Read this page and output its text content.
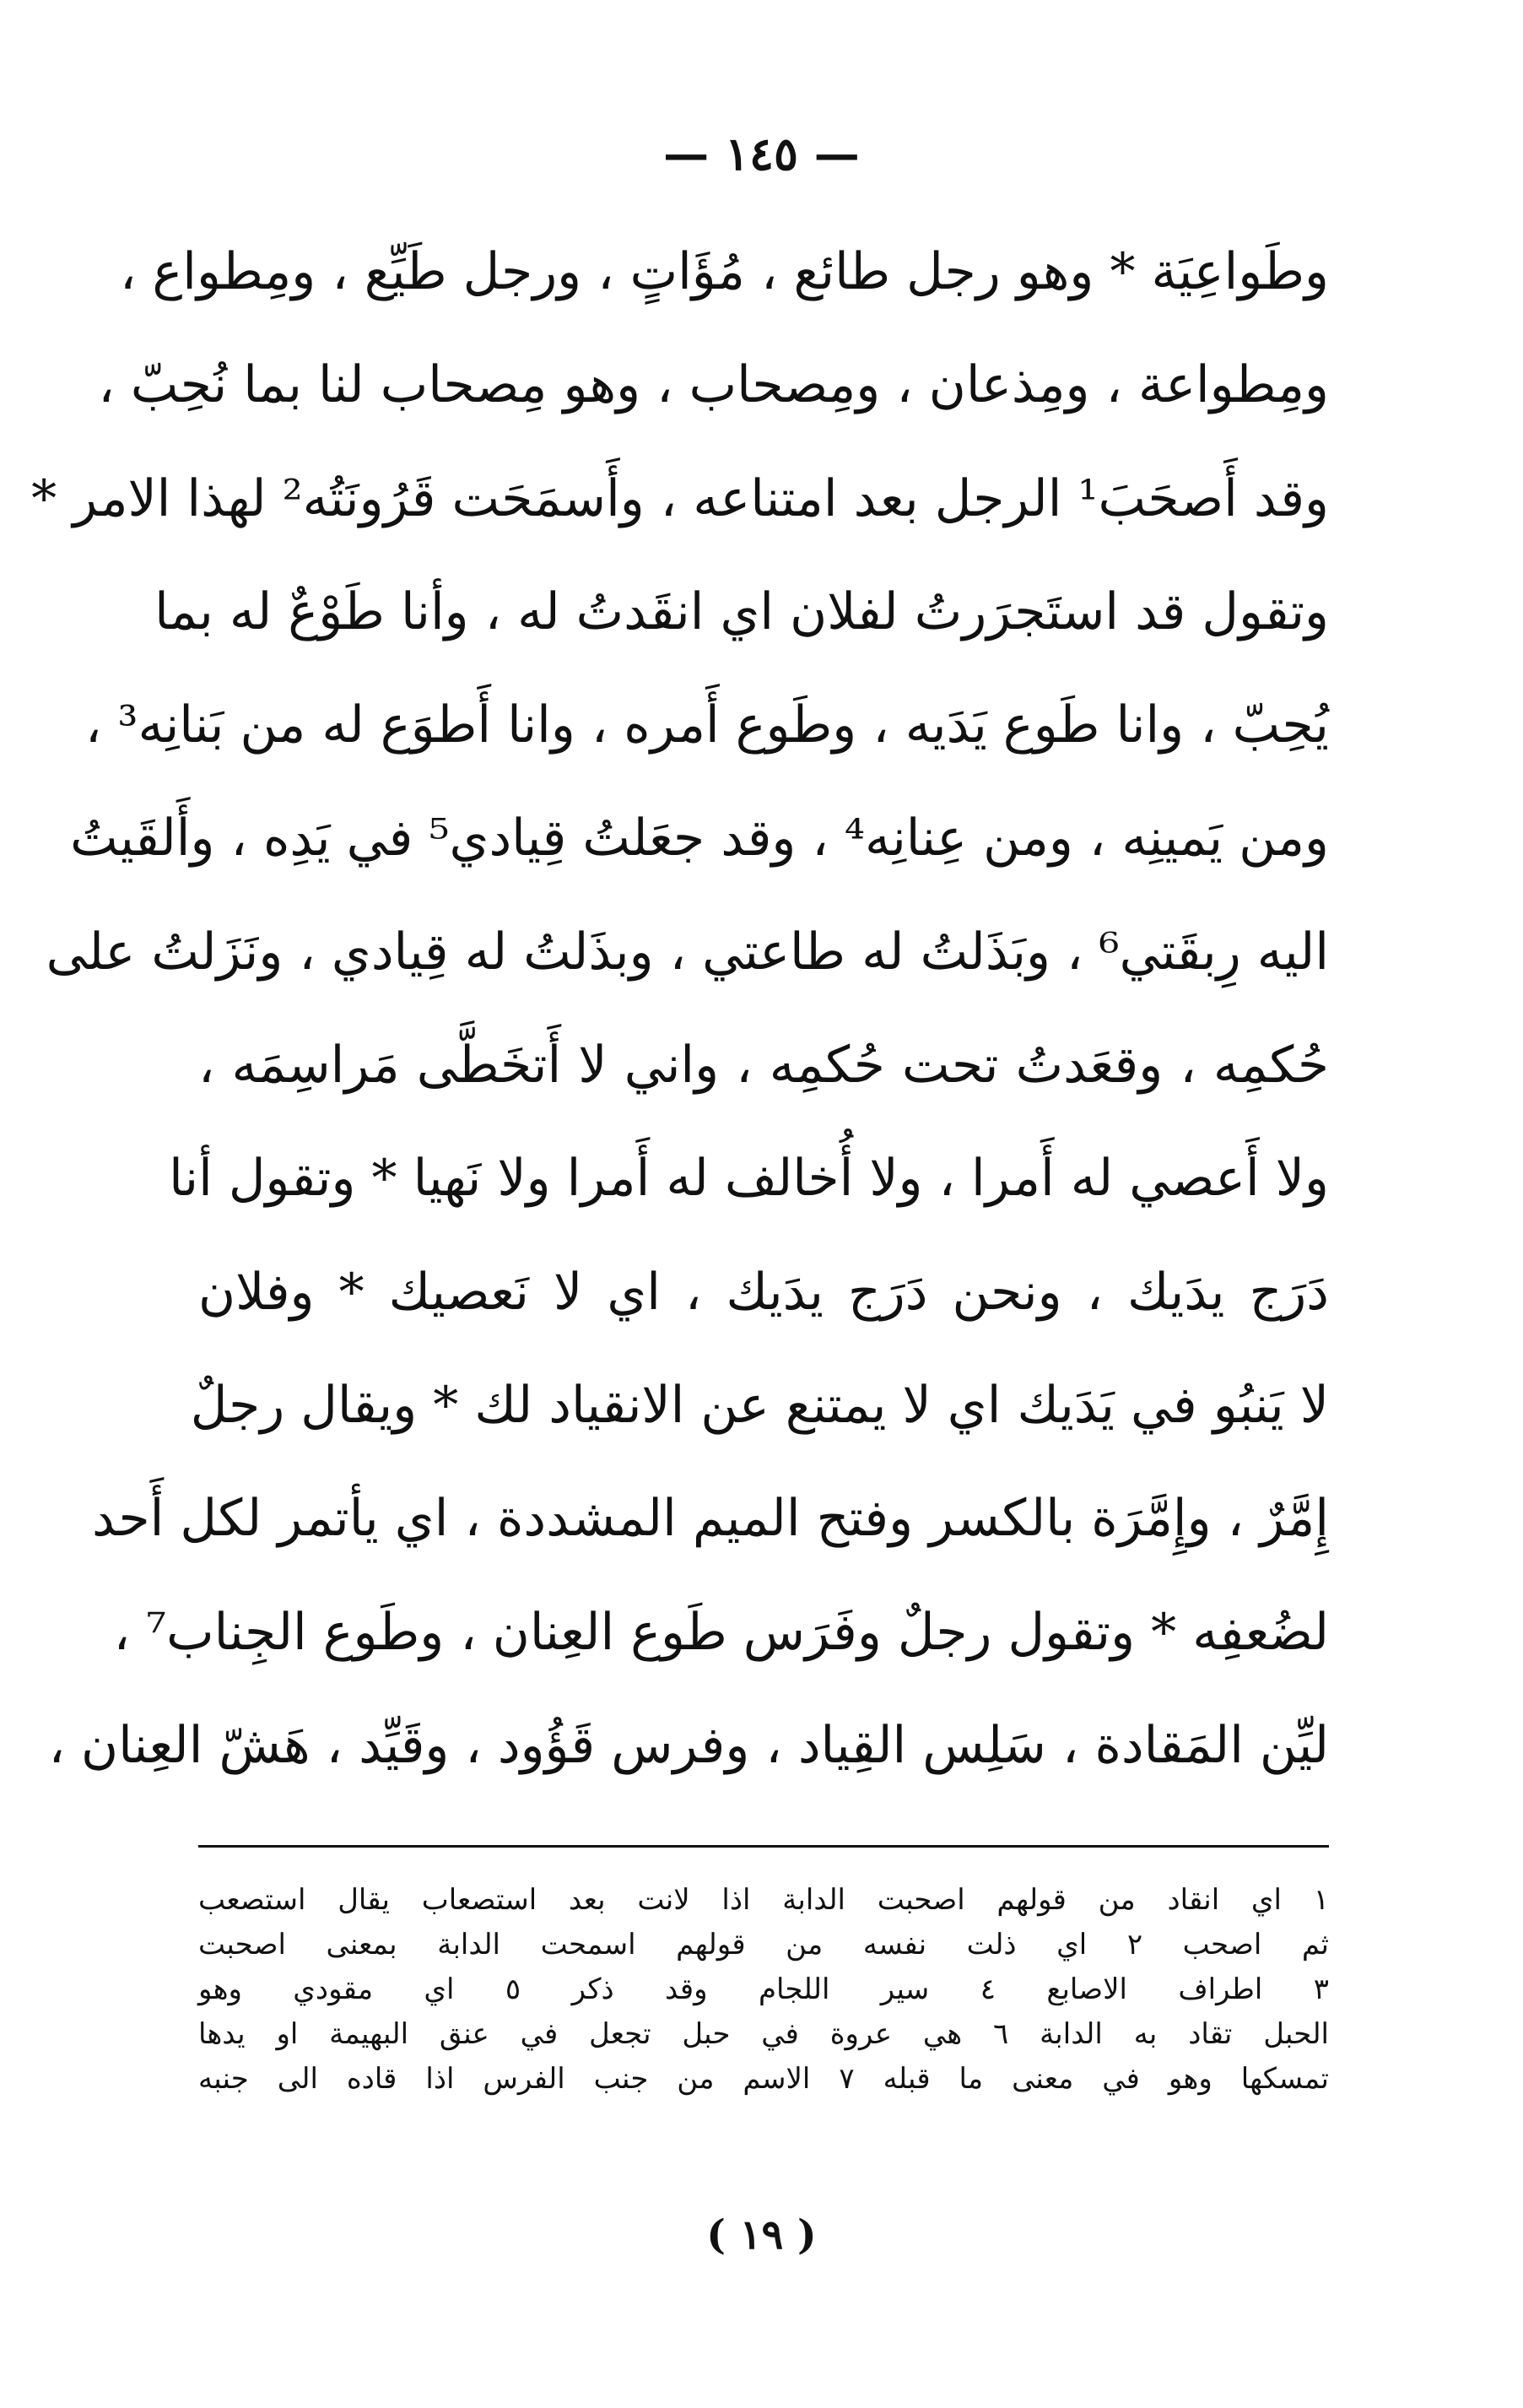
— ١٤٥ —
وطَواعِيَة * وهو رجل طائع ، مُؤَاتٍ ، ورجل طَيِّع ، ومِطواع ،
ومِطواعة ، ومِذعان ، ومِصحاب ، وهو مِصحاب لنا بما نُحِبّ ،
وقد أَصحَبَ¹ الرجل بعد امتناعه ، وأَسمَحَت قَرُونَتُه² لهذا الامر *
وتقول قد استَجرَرتُ لفلان اي انقَدتُ له ، وأنا طَوْعٌ له بما
يُحِبّ ، وانا طَوع يَدَيه ، وطَوع أَمره ، وانا أَطوَع له من بَنانِه³ ،
ومن يَمينِه ، ومن عِنانِه⁴ ، وقد جعَلتُ قِيادي⁵ في يَدِه ، وأَلقَيتُ
اليه رِبقَتي⁶ ، وبَذَلتُ له طاعتي ، وبذَلتُ له قِيادي ، ونَزَلتُ على
حُكمِه ، وقعَدتُ تحت حُكمِه ، واني لا أَتخَطَّى مَراسِمَه ،
ولا أَعصي له أَمرا ، ولا أُخالف له أَمرا ولا نَهيا * وتقول أنا
دَرَج يدَيك ، ونحن دَرَج يدَيك ، اي لا نَعصيك * وفلان
لا يَنبُو في يَدَيك اي لا يمتنع عن الانقياد لك * ويقال رجلٌ
إِمَّرٌ ، وإِمَّرَة بالكسر وفتح الميم المشددة ، اي يأتمر لكل أَحد
لضُعفِه * وتقول رجلٌ وفَرَس طَوع العِنان ، وطَوع الجِناب⁷ ،
ليِّن المَقادة ، سَلِس القِياد ، وفرس قَؤُود ، وقَيِّد ، هَشّ العِنان ،
١ اي انقاد من قولهم اصحبت الدابة اذا لانت بعد استصعاب يقال استصعب
ثم اصحب ٢ اي ذلت نفسه من قولهم اسمحت الدابة بمعنى اصحبت
٣ اطراف الاصابع ٤ سير اللجام وقد ذكر ٥ اي مقودي وهو
الحبل تقاد به الدابة ٦ هي عروة في حبل تجعل في عنق البهيمة او يدها
تمسكها وهو في معنى ما قبله ٧ الاسم من جنب الفرس اذا قاده الى جنبه
( ١٩ )
